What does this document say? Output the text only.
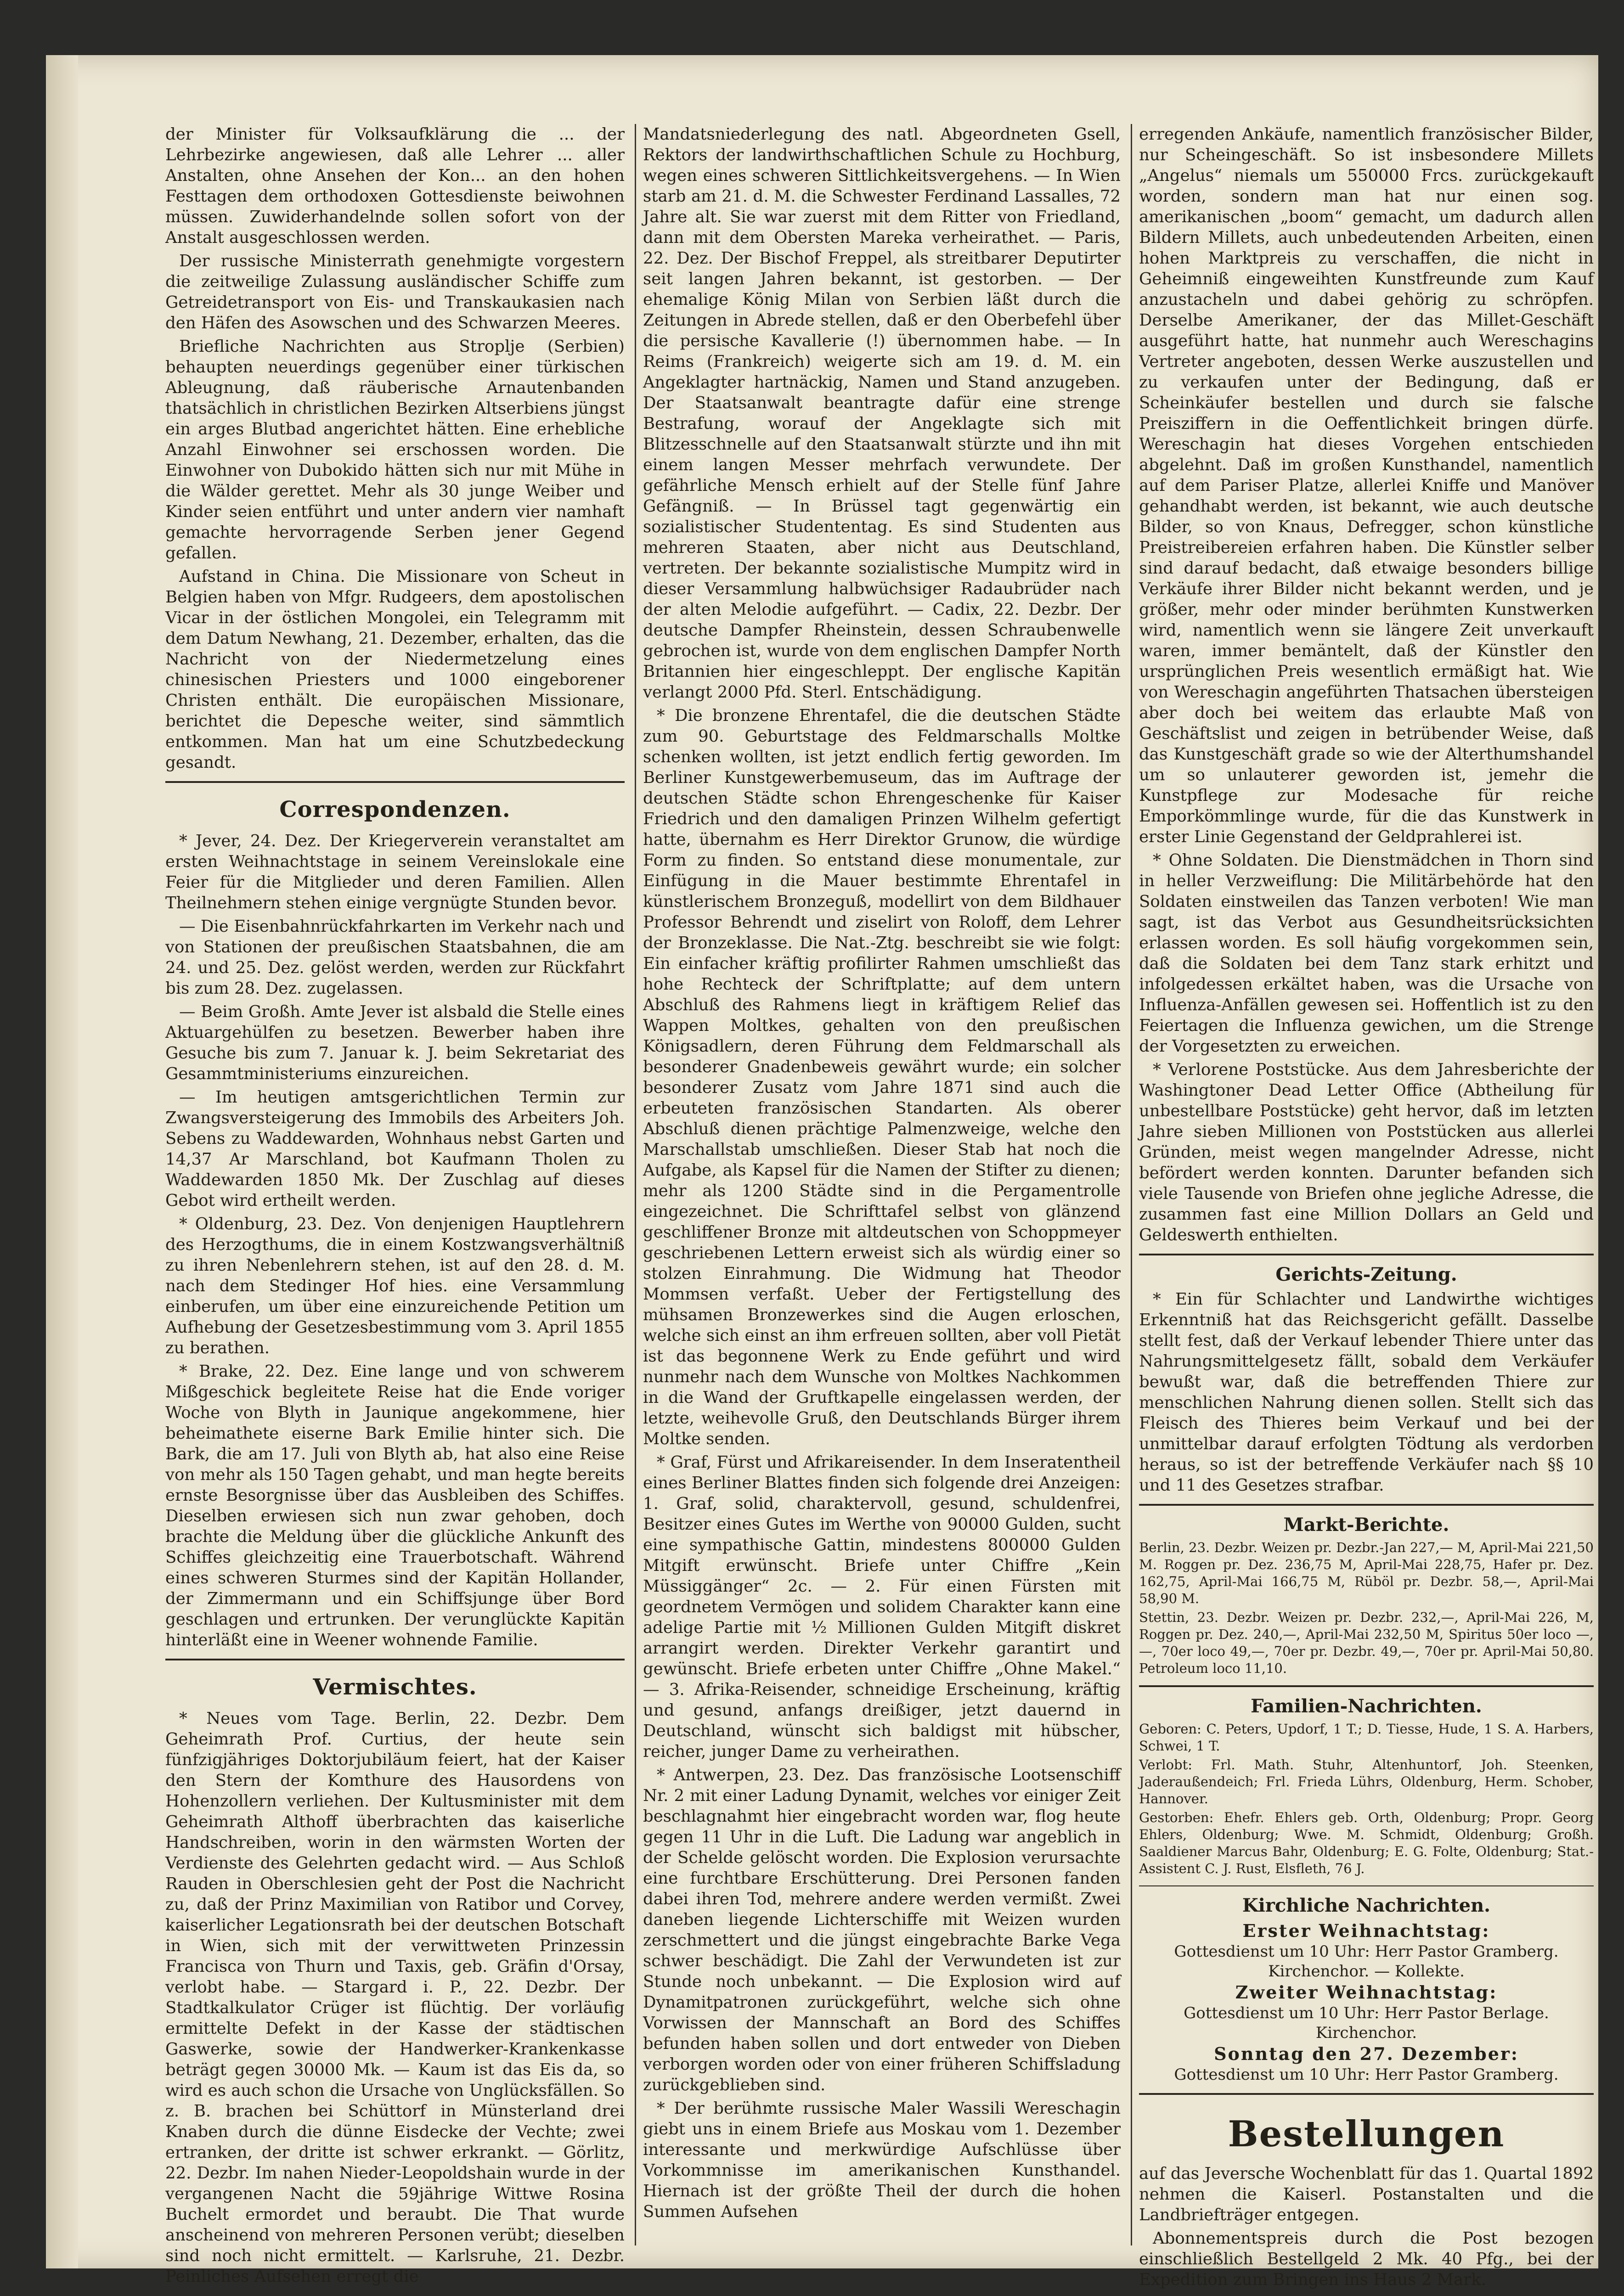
der Minister für Volksaufklärung die ... der Lehrbezirke angewiesen, daß alle Lehrer ... aller Anstalten, ohne Ansehen der Kon... an den hohen Festtagen dem orthodoxen Gottesdienste beiwohnen müssen. Zuwiderhandelnde sollen sofort von der Anstalt ausgeschlossen werden.

Der russische Ministerrath genehmigte vorgestern die zeitweilige Zulassung ausländischer Schiffe zum Getreidetransport von Eis- und Transkaukasien nach den Häfen des Asowschen und des Schwarzen Meeres.

Briefliche Nachrichten aus Stroplje (Serbien) behaupten neuerdings gegenüber einer türkischen Ableugnung, daß räuberische Arnautenbanden thatsächlich in christlichen Bezirken Altserbiens jüngst ein arges Blutbad angerichtet hätten. Eine erhebliche Anzahl Einwohner sei erschossen worden. Die Einwohner von Dubokido hätten sich nur mit Mühe in die Wälder gerettet. Mehr als 30 junge Weiber und Kinder seien entführt und unter andern vier namhaft gemachte hervorragende Serben jener Gegend gefallen.

Aufstand in China. Die Missionare von Scheut in Belgien haben von Mfgr. Rudgeers, dem apostolischen Vicar in der östlichen Mongolei, ein Telegramm mit dem Datum Newhang, 21. Dezember, erhalten, das die Nachricht von der Niedermetzelung eines chinesischen Priesters und 1000 eingeborener Christen enthält. Die europäischen Missionare, berichtet die Depesche weiter, sind sämmtlich entkommen. Man hat um eine Schutzbedeckung gesandt.

Correspondenzen.

* Jever, 24. Dez. Der Kriegerverein veranstaltet am ersten Weihnachtstage in seinem Vereinslokale eine Feier für die Mitglieder und deren Familien. Allen Theilnehmern stehen einige vergnügte Stunden bevor.

— Die Eisenbahnrückfahrkarten im Verkehr nach und von Stationen der preußischen Staatsbahnen, die am 24. und 25. Dez. gelöst werden, werden zur Rückfahrt bis zum 28. Dez. zugelassen.

— Beim Großh. Amte Jever ist alsbald die Stelle eines Aktuargehülfen zu besetzen. Bewerber haben ihre Gesuche bis zum 7. Januar k. J. beim Sekretariat des Gesammtministeriums einzureichen.

— Im heutigen amtsgerichtlichen Termin zur Zwangsversteigerung des Immobils des Arbeiters Joh. Sebens zu Waddewarden, Wohnhaus nebst Garten und 14,37 Ar Marschland, bot Kaufmann Tholen zu Waddewarden 1850 Mk. Der Zuschlag auf dieses Gebot wird ertheilt werden.

* Oldenburg, 23. Dez. Von denjenigen Hauptlehrern des Herzogthums, die in einem Kostzwangsverhältniß zu ihren Nebenlehrern stehen, ist auf den 28. d. M. nach dem Stedinger Hof hies. eine Versammlung einberufen, um über eine einzureichende Petition um Aufhebung der Gesetzesbestimmung vom 3. April 1855 zu berathen.

* Brake, 22. Dez. Eine lange und von schwerem Mißgeschick begleitete Reise hat die Ende voriger Woche von Blyth in Jaunique angekommene, hier beheimathete eiserne Bark Emilie hinter sich. Die Bark, die am 17. Juli von Blyth ab, hat also eine Reise von mehr als 150 Tagen gehabt, und man hegte bereits ernste Besorgnisse über das Ausbleiben des Schiffes. Dieselben erwiesen sich nun zwar gehoben, doch brachte die Meldung über die glückliche Ankunft des Schiffes gleichzeitig eine Trauerbotschaft. Während eines schweren Sturmes sind der Kapitän Hollander, der Zimmermann und ein Schiffsjunge über Bord geschlagen und ertrunken. Der verunglückte Kapitän hinterläßt eine in Weener wohnende Familie.

Vermischtes.

* Neues vom Tage. Berlin, 22. Dezbr. Dem Geheimrath Prof. Curtius, der heute sein fünfzigjähriges Doktorjubiläum feiert, hat der Kaiser den Stern der Komthure des Hausordens von Hohenzollern verliehen. Der Kultusminister mit dem Geheimrath Althoff überbrachten das kaiserliche Handschreiben, worin in den wärmsten Worten der Verdienste des Gelehrten gedacht wird. — Aus Schloß Rauden in Oberschlesien geht der Post die Nachricht zu, daß der Prinz Maximilian von Ratibor und Corvey, kaiserlicher Legationsrath bei der deutschen Botschaft in Wien, sich mit der verwittweten Prinzessin Francisca von Thurn und Taxis, geb. Gräfin d'Orsay, verlobt habe. — Stargard i. P., 22. Dezbr. Der Stadtkalkulator Crüger ist flüchtig. Der vorläufig ermittelte Defekt in der Kasse der städtischen Gaswerke, sowie der Handwerker-Krankenkasse beträgt gegen 30000 Mk. — Kaum ist das Eis da, so wird es auch schon die Ursache von Unglücksfällen. So z. B. brachen bei Schüttorf in Münsterland drei Knaben durch die dünne Eisdecke der Vechte; zwei ertranken, der dritte ist schwer erkrankt. — Görlitz, 22. Dezbr. Im nahen Nieder-Leopoldshain wurde in der vergangenen Nacht die 59jährige Wittwe Rosina Buchelt ermordet und beraubt. Die That wurde anscheinend von mehreren Personen verübt; dieselben sind noch nicht ermittelt. — Karlsruhe, 21. Dezbr. Peinliches Aufsehen erregt die

Mandatsniederlegung des natl. Abgeordneten Gsell, Rektors der landwirthschaftlichen Schule zu Hochburg, wegen eines schweren Sittlichkeitsvergehens. — In Wien starb am 21. d. M. die Schwester Ferdinand Lassalles, 72 Jahre alt. Sie war zuerst mit dem Ritter von Friedland, dann mit dem Obersten Mareka verheirathet. — Paris, 22. Dez. Der Bischof Freppel, als streitbarer Deputirter seit langen Jahren bekannt, ist gestorben. — Der ehemalige König Milan von Serbien läßt durch die Zeitungen in Abrede stellen, daß er den Oberbefehl über die persische Kavallerie (!) übernommen habe. — In Reims (Frankreich) weigerte sich am 19. d. M. ein Angeklagter hartnäckig, Namen und Stand anzugeben. Der Staatsanwalt beantragte dafür eine strenge Bestrafung, worauf der Angeklagte sich mit Blitzesschnelle auf den Staatsanwalt stürzte und ihn mit einem langen Messer mehrfach verwundete. Der gefährliche Mensch erhielt auf der Stelle fünf Jahre Gefängniß. — In Brüssel tagt gegenwärtig ein sozialistischer Studententag. Es sind Studenten aus mehreren Staaten, aber nicht aus Deutschland, vertreten. Der bekannte sozialistische Mumpitz wird in dieser Versammlung halbwüchsiger Radaubrüder nach der alten Melodie aufgeführt. — Cadix, 22. Dezbr. Der deutsche Dampfer Rheinstein, dessen Schraubenwelle gebrochen ist, wurde von dem englischen Dampfer North Britannien hier eingeschleppt. Der englische Kapitän verlangt 2000 Pfd. Sterl. Entschädigung.

* Die bronzene Ehrentafel, die die deutschen Städte zum 90. Geburtstage des Feldmarschalls Moltke schenken wollten, ist jetzt endlich fertig geworden. Im Berliner Kunstgewerbemuseum, das im Auftrage der deutschen Städte schon Ehrengeschenke für Kaiser Friedrich und den damaligen Prinzen Wilhelm gefertigt hatte, übernahm es Herr Direktor Grunow, die würdige Form zu finden. So entstand diese monumentale, zur Einfügung in die Mauer bestimmte Ehrentafel in künstlerischem Bronzeguß, modellirt von dem Bildhauer Professor Behrendt und ziselirt von Roloff, dem Lehrer der Bronzeklasse. Die Nat.-Ztg. beschreibt sie wie folgt: Ein einfacher kräftig profilirter Rahmen umschließt das hohe Rechteck der Schriftplatte; auf dem untern Abschluß des Rahmens liegt in kräftigem Relief das Wappen Moltkes, gehalten von den preußischen Königsadlern, deren Führung dem Feldmarschall als besonderer Gnadenbeweis gewährt wurde; ein solcher besonderer Zusatz vom Jahre 1871 sind auch die erbeuteten französischen Standarten. Als oberer Abschluß dienen prächtige Palmenzweige, welche den Marschallstab umschließen. Dieser Stab hat noch die Aufgabe, als Kapsel für die Namen der Stifter zu dienen; mehr als 1200 Städte sind in die Pergamentrolle eingezeichnet. Die Schrifttafel selbst von glänzend geschliffener Bronze mit altdeutschen von Schoppmeyer geschriebenen Lettern erweist sich als würdig einer so stolzen Einrahmung. Die Widmung hat Theodor Mommsen verfaßt. Ueber der Fertigstellung des mühsamen Bronzewerkes sind die Augen erloschen, welche sich einst an ihm erfreuen sollten, aber voll Pietät ist das begonnene Werk zu Ende geführt und wird nunmehr nach dem Wunsche von Moltkes Nachkommen in die Wand der Gruftkapelle eingelassen werden, der letzte, weihevolle Gruß, den Deutschlands Bürger ihrem Moltke senden.

* Graf, Fürst und Afrikareisender. In dem Inseratentheil eines Berliner Blattes finden sich folgende drei Anzeigen: 1. Graf, solid, charaktervoll, gesund, schuldenfrei, Besitzer eines Gutes im Werthe von 90000 Gulden, sucht eine sympathische Gattin, mindestens 800000 Gulden Mitgift erwünscht. Briefe unter Chiffre „Kein Müssiggänger“ 2c. — 2. Für einen Fürsten mit geordnetem Vermögen und solidem Charakter kann eine adelige Partie mit ½ Millionen Gulden Mitgift diskret arrangirt werden. Direkter Verkehr garantirt und gewünscht. Briefe erbeten unter Chiffre „Ohne Makel.“ — 3. Afrika-Reisender, schneidige Erscheinung, kräftig und gesund, anfangs dreißiger, jetzt dauernd in Deutschland, wünscht sich baldigst mit hübscher, reicher, junger Dame zu verheirathen.

* Antwerpen, 23. Dez. Das französische Lootsenschiff Nr. 2 mit einer Ladung Dynamit, welches vor einiger Zeit beschlagnahmt hier eingebracht worden war, flog heute gegen 11 Uhr in die Luft. Die Ladung war angeblich in der Schelde gelöscht worden. Die Explosion verursachte eine furchtbare Erschütterung. Drei Personen fanden dabei ihren Tod, mehrere andere werden vermißt. Zwei daneben liegende Lichterschiffe mit Weizen wurden zerschmettert und die jüngst eingebrachte Barke Vega schwer beschädigt. Die Zahl der Verwundeten ist zur Stunde noch unbekannt. — Die Explosion wird auf Dynamitpatronen zurückgeführt, welche sich ohne Vorwissen der Mannschaft an Bord des Schiffes befunden haben sollen und dort entweder von Dieben verborgen worden oder von einer früheren Schiffsladung zurückgeblieben sind.

* Der berühmte russische Maler Wassili Wereschagin giebt uns in einem Briefe aus Moskau vom 1. Dezember interessante und merkwürdige Aufschlüsse über Vorkommnisse im amerikanischen Kunsthandel. Hiernach ist der größte Theil der durch die hohen Summen Aufsehen

erregenden Ankäufe, namentlich französischer Bilder, nur Scheingeschäft. So ist insbesondere Millets „Angelus“ niemals um 550000 Frcs. zurückgekauft worden, sondern man hat nur einen sog. amerikanischen „boom“ gemacht, um dadurch allen Bildern Millets, auch unbedeutenden Arbeiten, einen hohen Marktpreis zu verschaffen, die nicht in Geheimniß eingeweihten Kunstfreunde zum Kauf anzustacheln und dabei gehörig zu schröpfen. Derselbe Amerikaner, der das Millet-Geschäft ausgeführt hatte, hat nunmehr auch Wereschagins Vertreter angeboten, dessen Werke auszustellen und zu verkaufen unter der Bedingung, daß er Scheinkäufer bestellen und durch sie falsche Preisziffern in die Oeffentlichkeit bringen dürfe. Wereschagin hat dieses Vorgehen entschieden abgelehnt. Daß im großen Kunsthandel, namentlich auf dem Pariser Platze, allerlei Kniffe und Manöver gehandhabt werden, ist bekannt, wie auch deutsche Bilder, so von Knaus, Defregger, schon künstliche Preistreibereien erfahren haben. Die Künstler selber sind darauf bedacht, daß etwaige besonders billige Verkäufe ihrer Bilder nicht bekannt werden, und je größer, mehr oder minder berühmten Kunstwerken wird, namentlich wenn sie längere Zeit unverkauft waren, immer bemäntelt, daß der Künstler den ursprünglichen Preis wesentlich ermäßigt hat. Wie von Wereschagin angeführten Thatsachen übersteigen aber doch bei weitem das erlaubte Maß von Geschäftslist und zeigen in betrübender Weise, daß das Kunstgeschäft grade so wie der Alterthumshandel um so unlauterer geworden ist, jemehr die Kunstpflege zur Modesache für reiche Emporkömmlinge wurde, für die das Kunstwerk in erster Linie Gegenstand der Geldprahlerei ist.

* Ohne Soldaten. Die Dienstmädchen in Thorn sind in heller Verzweiflung: Die Militärbehörde hat den Soldaten einstweilen das Tanzen verboten! Wie man sagt, ist das Verbot aus Gesundheitsrücksichten erlassen worden. Es soll häufig vorgekommen sein, daß die Soldaten bei dem Tanz stark erhitzt und infolgedessen erkältet haben, was die Ursache von Influenza-Anfällen gewesen sei. Hoffentlich ist zu den Feiertagen die Influenza gewichen, um die Strenge der Vorgesetzten zu erweichen.

* Verlorene Poststücke. Aus dem Jahresberichte der Washingtoner Dead Letter Office (Abtheilung für unbestellbare Poststücke) geht hervor, daß im letzten Jahre sieben Millionen von Poststücken aus allerlei Gründen, meist wegen mangelnder Adresse, nicht befördert werden konnten. Darunter befanden sich viele Tausende von Briefen ohne jegliche Adresse, die zusammen fast eine Million Dollars an Geld und Geldeswerth enthielten.

Gerichts-Zeitung.

* Ein für Schlachter und Landwirthe wichtiges Erkenntniß hat das Reichsgericht gefällt. Dasselbe stellt fest, daß der Verkauf lebender Thiere unter das Nahrungsmittelgesetz fällt, sobald dem Verkäufer bewußt war, daß die betreffenden Thiere zur menschlichen Nahrung dienen sollen. Stellt sich das Fleisch des Thieres beim Verkauf und bei der unmittelbar darauf erfolgten Tödtung als verdorben heraus, so ist der betreffende Verkäufer nach §§ 10 und 11 des Gesetzes strafbar.

Markt-Berichte.

Berlin, 23. Dezbr. Weizen pr. Dezbr.-Jan 227,— M, April-Mai 221,50 M. Roggen pr. Dez. 236,75 M, April-Mai 228,75, Hafer pr. Dez. 162,75, April-Mai 166,75 M, Rüböl pr. Dezbr. 58,—, April-Mai 58,90 M.

Stettin, 23. Dezbr. Weizen pr. Dezbr. 232,—, April-Mai 226, M, Roggen pr. Dez. 240,—, April-Mai 232,50 M, Spiritus 50er loco —,—, 70er loco 49,—, 70er pr. Dezbr. 49,—, 70er pr. April-Mai 50,80. Petroleum loco 11,10.

Familien-Nachrichten.

Geboren: C. Peters, Updorf, 1 T.; D. Tiesse, Hude, 1 S. A. Harbers, Schwei, 1 T.

Verlobt: Frl. Math. Stuhr, Altenhuntorf, Joh. Steenken, Jaderaußendeich; Frl. Frieda Lührs, Oldenburg, Herm. Schober, Hannover.

Gestorben: Ehefr. Ehlers geb. Orth, Oldenburg; Propr. Georg Ehlers, Oldenburg; Wwe. M. Schmidt, Oldenburg; Großh. Saaldiener Marcus Bahr, Oldenburg; E. G. Folte, Oldenburg; Stat.-Assistent C. J. Rust, Elsfleth, 76 J.

Kirchliche Nachrichten.

Erster Weihnachtstag:

Gottesdienst um 10 Uhr: Herr Pastor Gramberg.

Kirchenchor. — Kollekte.

Zweiter Weihnachtstag:

Gottesdienst um 10 Uhr: Herr Pastor Berlage.

Kirchenchor.

Sonntag den 27. Dezember:

Gottesdienst um 10 Uhr: Herr Pastor Gramberg.

Bestellungen

auf das Jeversche Wochenblatt für das 1. Quartal 1892 nehmen die Kaiserl. Postanstalten und die Landbriefträger entgegen.

Abonnementspreis durch die Post bezogen einschließlich Bestellgeld 2 Mk. 40 Pfg., bei der Expedition zum Bringen ins Haus 2 Mark.
